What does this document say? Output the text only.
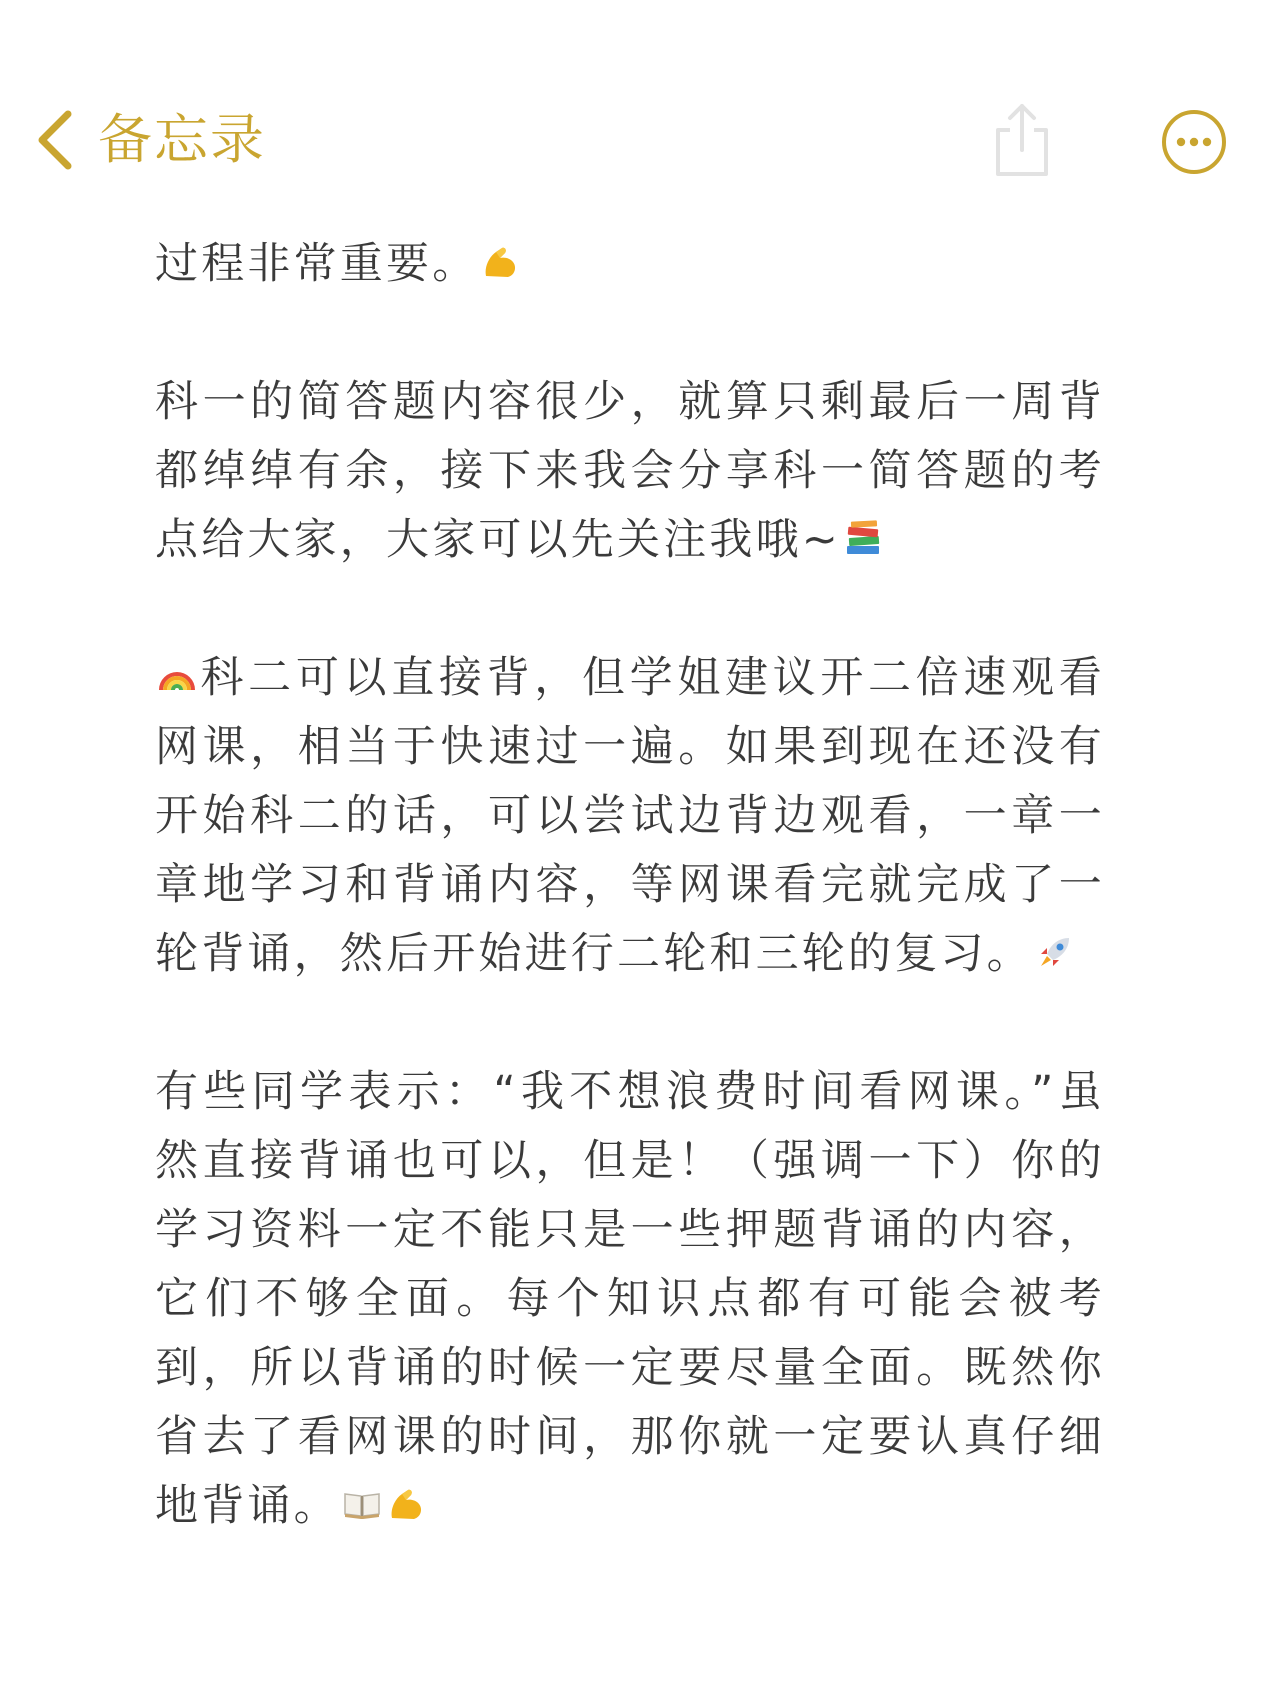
备忘录

过程非常重要。

科一的简答题内容很少，就算只剩最后一周背都绰绰有余，接下来我会分享科一简答题的考点给大家，大家可以先关注我哦~

科二可以直接背，但学姐建议开二倍速观看网课，相当于快速过一遍。如果到现在还没有开始科二的话，可以尝试边背边观看，一章一章地学习和背诵内容，等网课看完就完成了一轮背诵，然后开始进行二轮和三轮的复习。

有些同学表示：“我不想浪费时间看网课。”虽然直接背诵也可以，但是！（强调一下）你的学习资料一定不能只是一些押题背诵的内容，它们不够全面。每个知识点都有可能会被考到，所以背诵的时候一定要尽量全面。既然你省去了看网课的时间，那你就一定要认真仔细地背诵。
